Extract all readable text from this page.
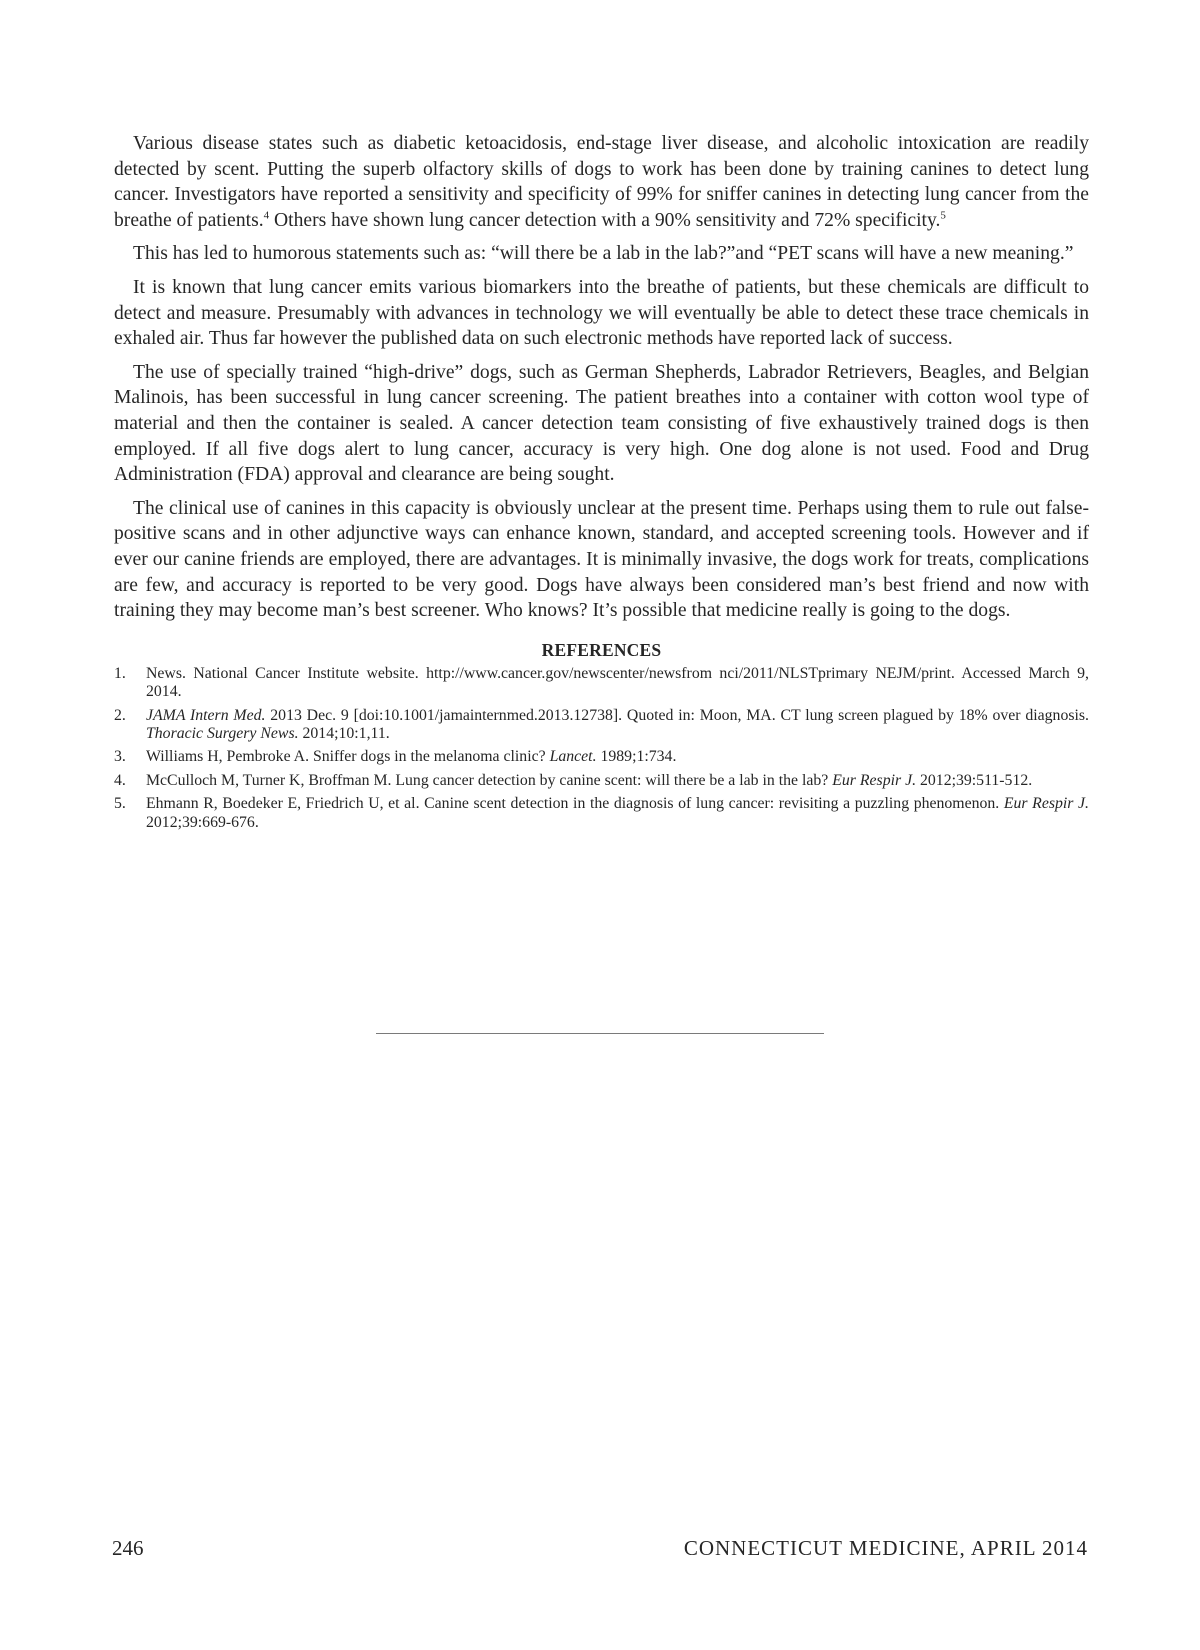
Various disease states such as diabetic ketoacidosis, end-stage liver disease, and alcoholic intoxication are readily detected by scent. Putting the superb olfactory skills of dogs to work has been done by training canines to detect lung cancer. Investigators have reported a sensitivity and specificity of 99% for sniffer canines in detecting lung cancer from the breathe of patients.$^4$ Others have shown lung cancer detection with a 90% sensitivity and 72% specificity.$^5$

This has led to humorous statements such as: “will there be a lab in the lab?”and “PET scans will have a new meaning.”

It is known that lung cancer emits various biomarkers into the breathe of patients, but these chemicals are difficult to detect and measure. Presumably with advances in technology we will eventually be able to detect these trace chemicals in exhaled air. Thus far however the published data on such electronic methods have reported lack of success.

The use of specially trained “high-drive” dogs, such as German Shepherds, Labrador Retrievers, Beagles, and Belgian Malinois, has been successful in lung cancer screening. The patient breathes into a container with cotton wool type of material and then the container is sealed. A cancer detection team consisting of five exhaustively trained dogs is then employed. If all five dogs alert to lung cancer, accuracy is very high. One dog alone is not used. Food and Drug Administration (FDA) approval and clearance are being sought.

The clinical use of canines in this capacity is obviously unclear at the present time. Perhaps using them to rule out false-positive scans and in other adjunctive ways can enhance known, standard, and accepted screening tools. However and if ever our canine friends are employed, there are advantages. It is minimally invasive, the dogs work for treats, complications are few, and accuracy is reported to be very good. Dogs have always been considered man’s best friend and now with training they may become man’s best screener. Who knows? It’s possible that medicine really is going to the dogs.

REFERENCES
1. News. National Cancer Institute website. http://www.cancer.gov/newscenter/newsfrom nci/2011/NLSTprimary NEJM/print. Accessed March 9, 2014.
2. JAMA Intern Med. 2013 Dec. 9 [doi:10.1001/jamainternmed.2013.12738]. Quoted in: Moon, MA. CT lung screen plagued by 18% over diagnosis. Thoracic Surgery News. 2014;10:1,11.
3. Williams H, Pembroke A. Sniffer dogs in the melanoma clinic? Lancet. 1989;1:734.
4. McCulloch M, Turner K, Broffman M. Lung cancer detection by canine scent: will there be a lab in the lab? Eur Respir J. 2012;39:511-512.
5. Ehmann R, Boedeker E, Friedrich U, et al. Canine scent detection in the diagnosis of lung cancer: revisiting a puzzling phenomenon. Eur Respir J. 2012;39:669-676.
246	CONNECTICUT MEDICINE, APRIL 2014
